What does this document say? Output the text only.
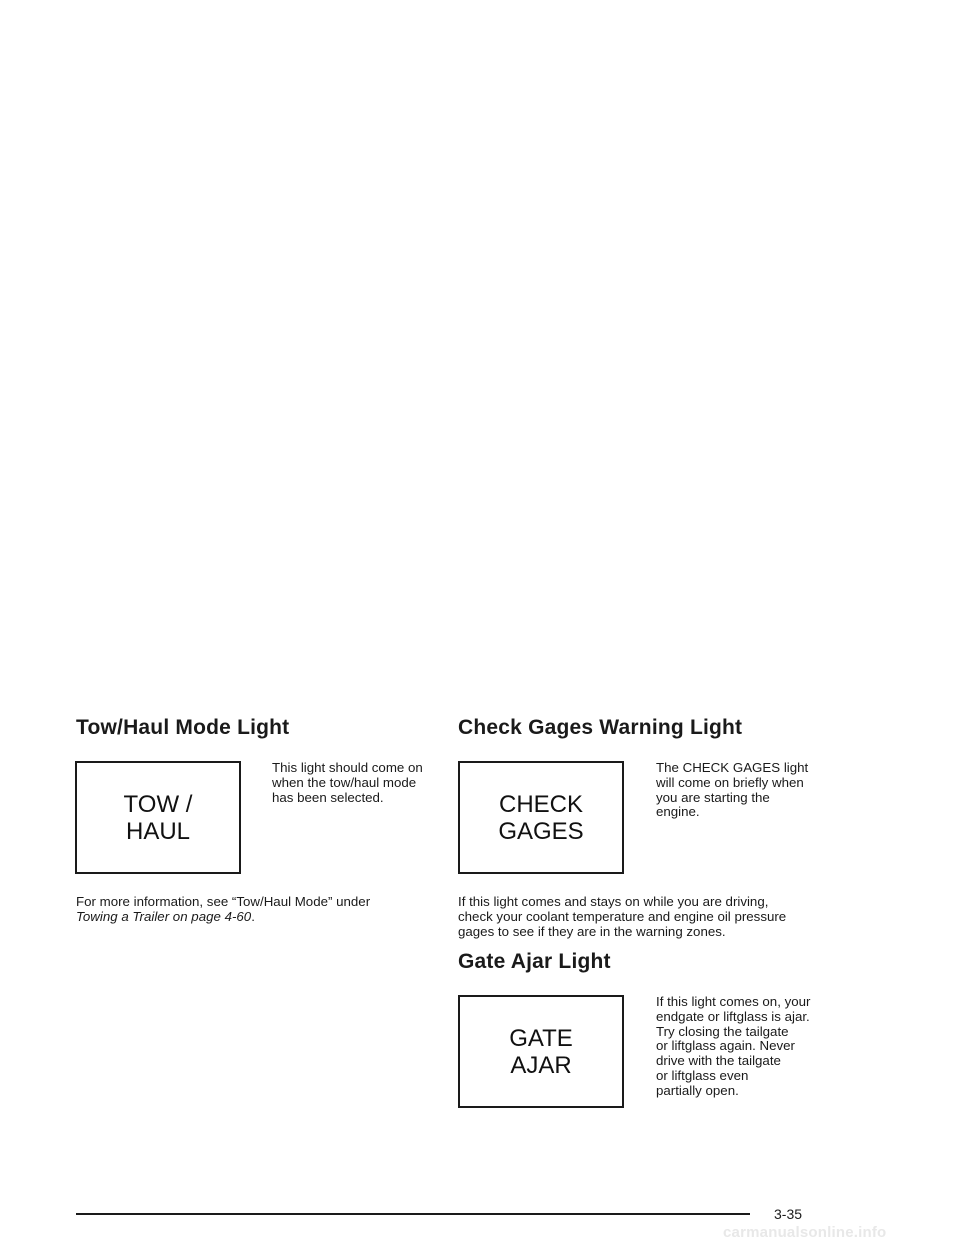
Tow/Haul Mode Light
TOW /
HAUL
This light should come on
when the tow/haul mode
has been selected.
For more information, see “Tow/Haul Mode” under
Towing a Trailer on page 4-60.
Check Gages Warning Light
CHECK
GAGES
The CHECK GAGES light
will come on briefly when
you are starting the
engine.
If this light comes and stays on while you are driving,
check your coolant temperature and engine oil pressure
gages to see if they are in the warning zones.
Gate Ajar Light
GATE
AJAR
If this light comes on, your
endgate or liftglass is ajar.
Try closing the tailgate
or liftglass again. Never
drive with the tailgate
or liftglass even
partially open.
3-35
carmanualsonline.info
